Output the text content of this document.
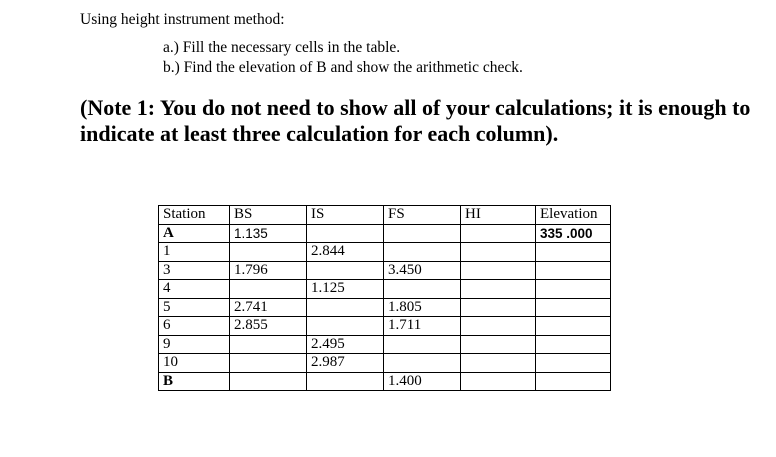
Using height instrument method:
a.) Fill the necessary cells in the table.
b.) Find the elevation of B and show the arithmetic check.
(Note 1: You do not need to show all of your calculations; it is enough to indicate at least three calculation for each column).
Station	BS	IS	FS	HI	Elevation
A	1.135				335 .000
1		2.844			
3	1.796		3.450		
4		1.125			
5	2.741		1.805		
6	2.855		1.711		
9		2.495			
10		2.987			
B			1.400		
